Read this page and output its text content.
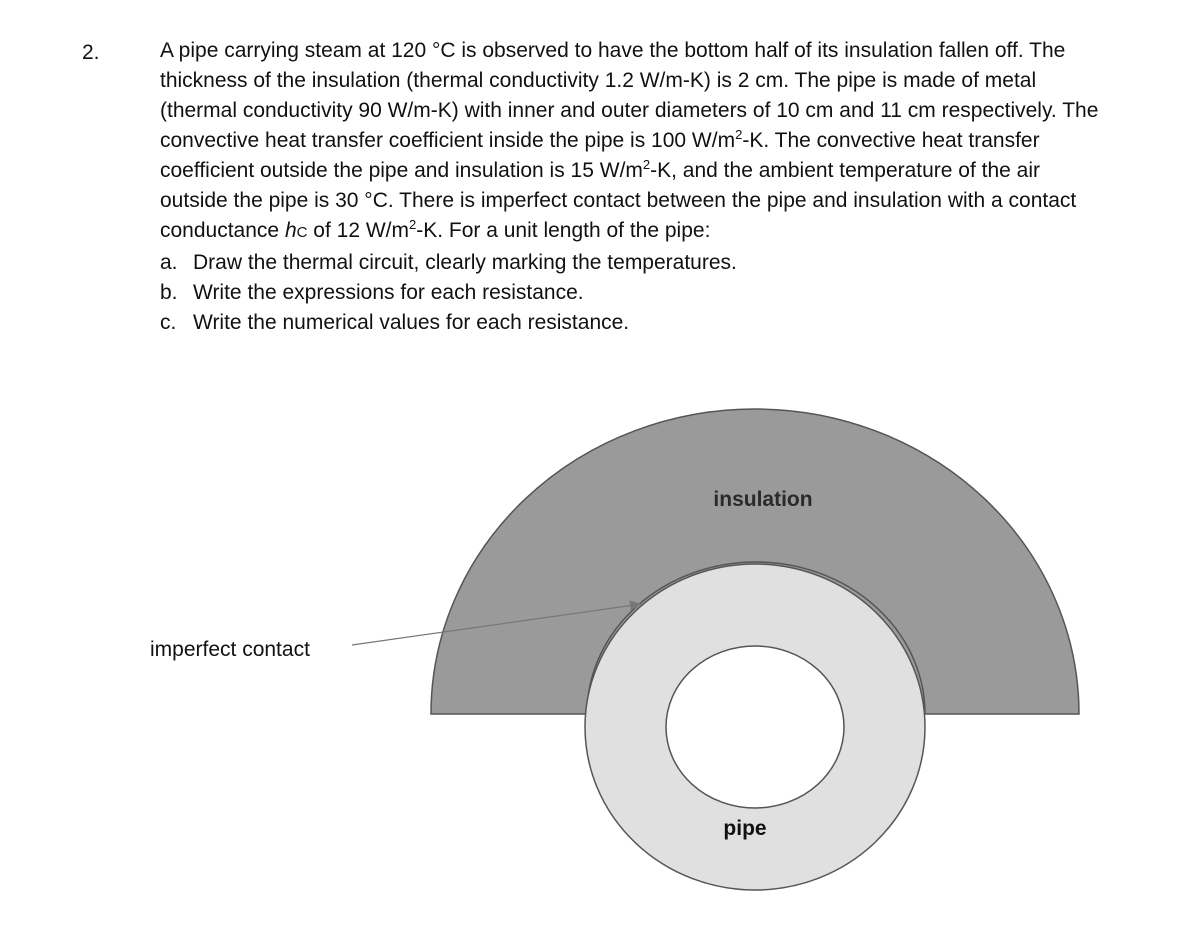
2.	A pipe carrying steam at 120 °C is observed to have the bottom half of its insulation fallen off. The thickness of the insulation (thermal conductivity 1.2 W/m-K) is 2 cm. The pipe is made of metal (thermal conductivity 90 W/m-K) with inner and outer diameters of 10 cm and 11 cm respectively. The convective heat transfer coefficient inside the pipe is 100 $W/m^2-K$. The convective heat transfer coefficient outside the pipe and insulation is 15 $W/m^2-K$, and the ambient temperature of the air outside the pipe is 30 °C. There is imperfect contact between the pipe and insulation with a contact conductance hC of 12 $W/m^2-K$. For a unit length of the pipe:

a. Draw the thermal circuit, clearly marking the temperatures.
b. Write the expressions for each resistance.
c. Write the numerical values for each resistance.
insulation
pipe
imperfect contact
